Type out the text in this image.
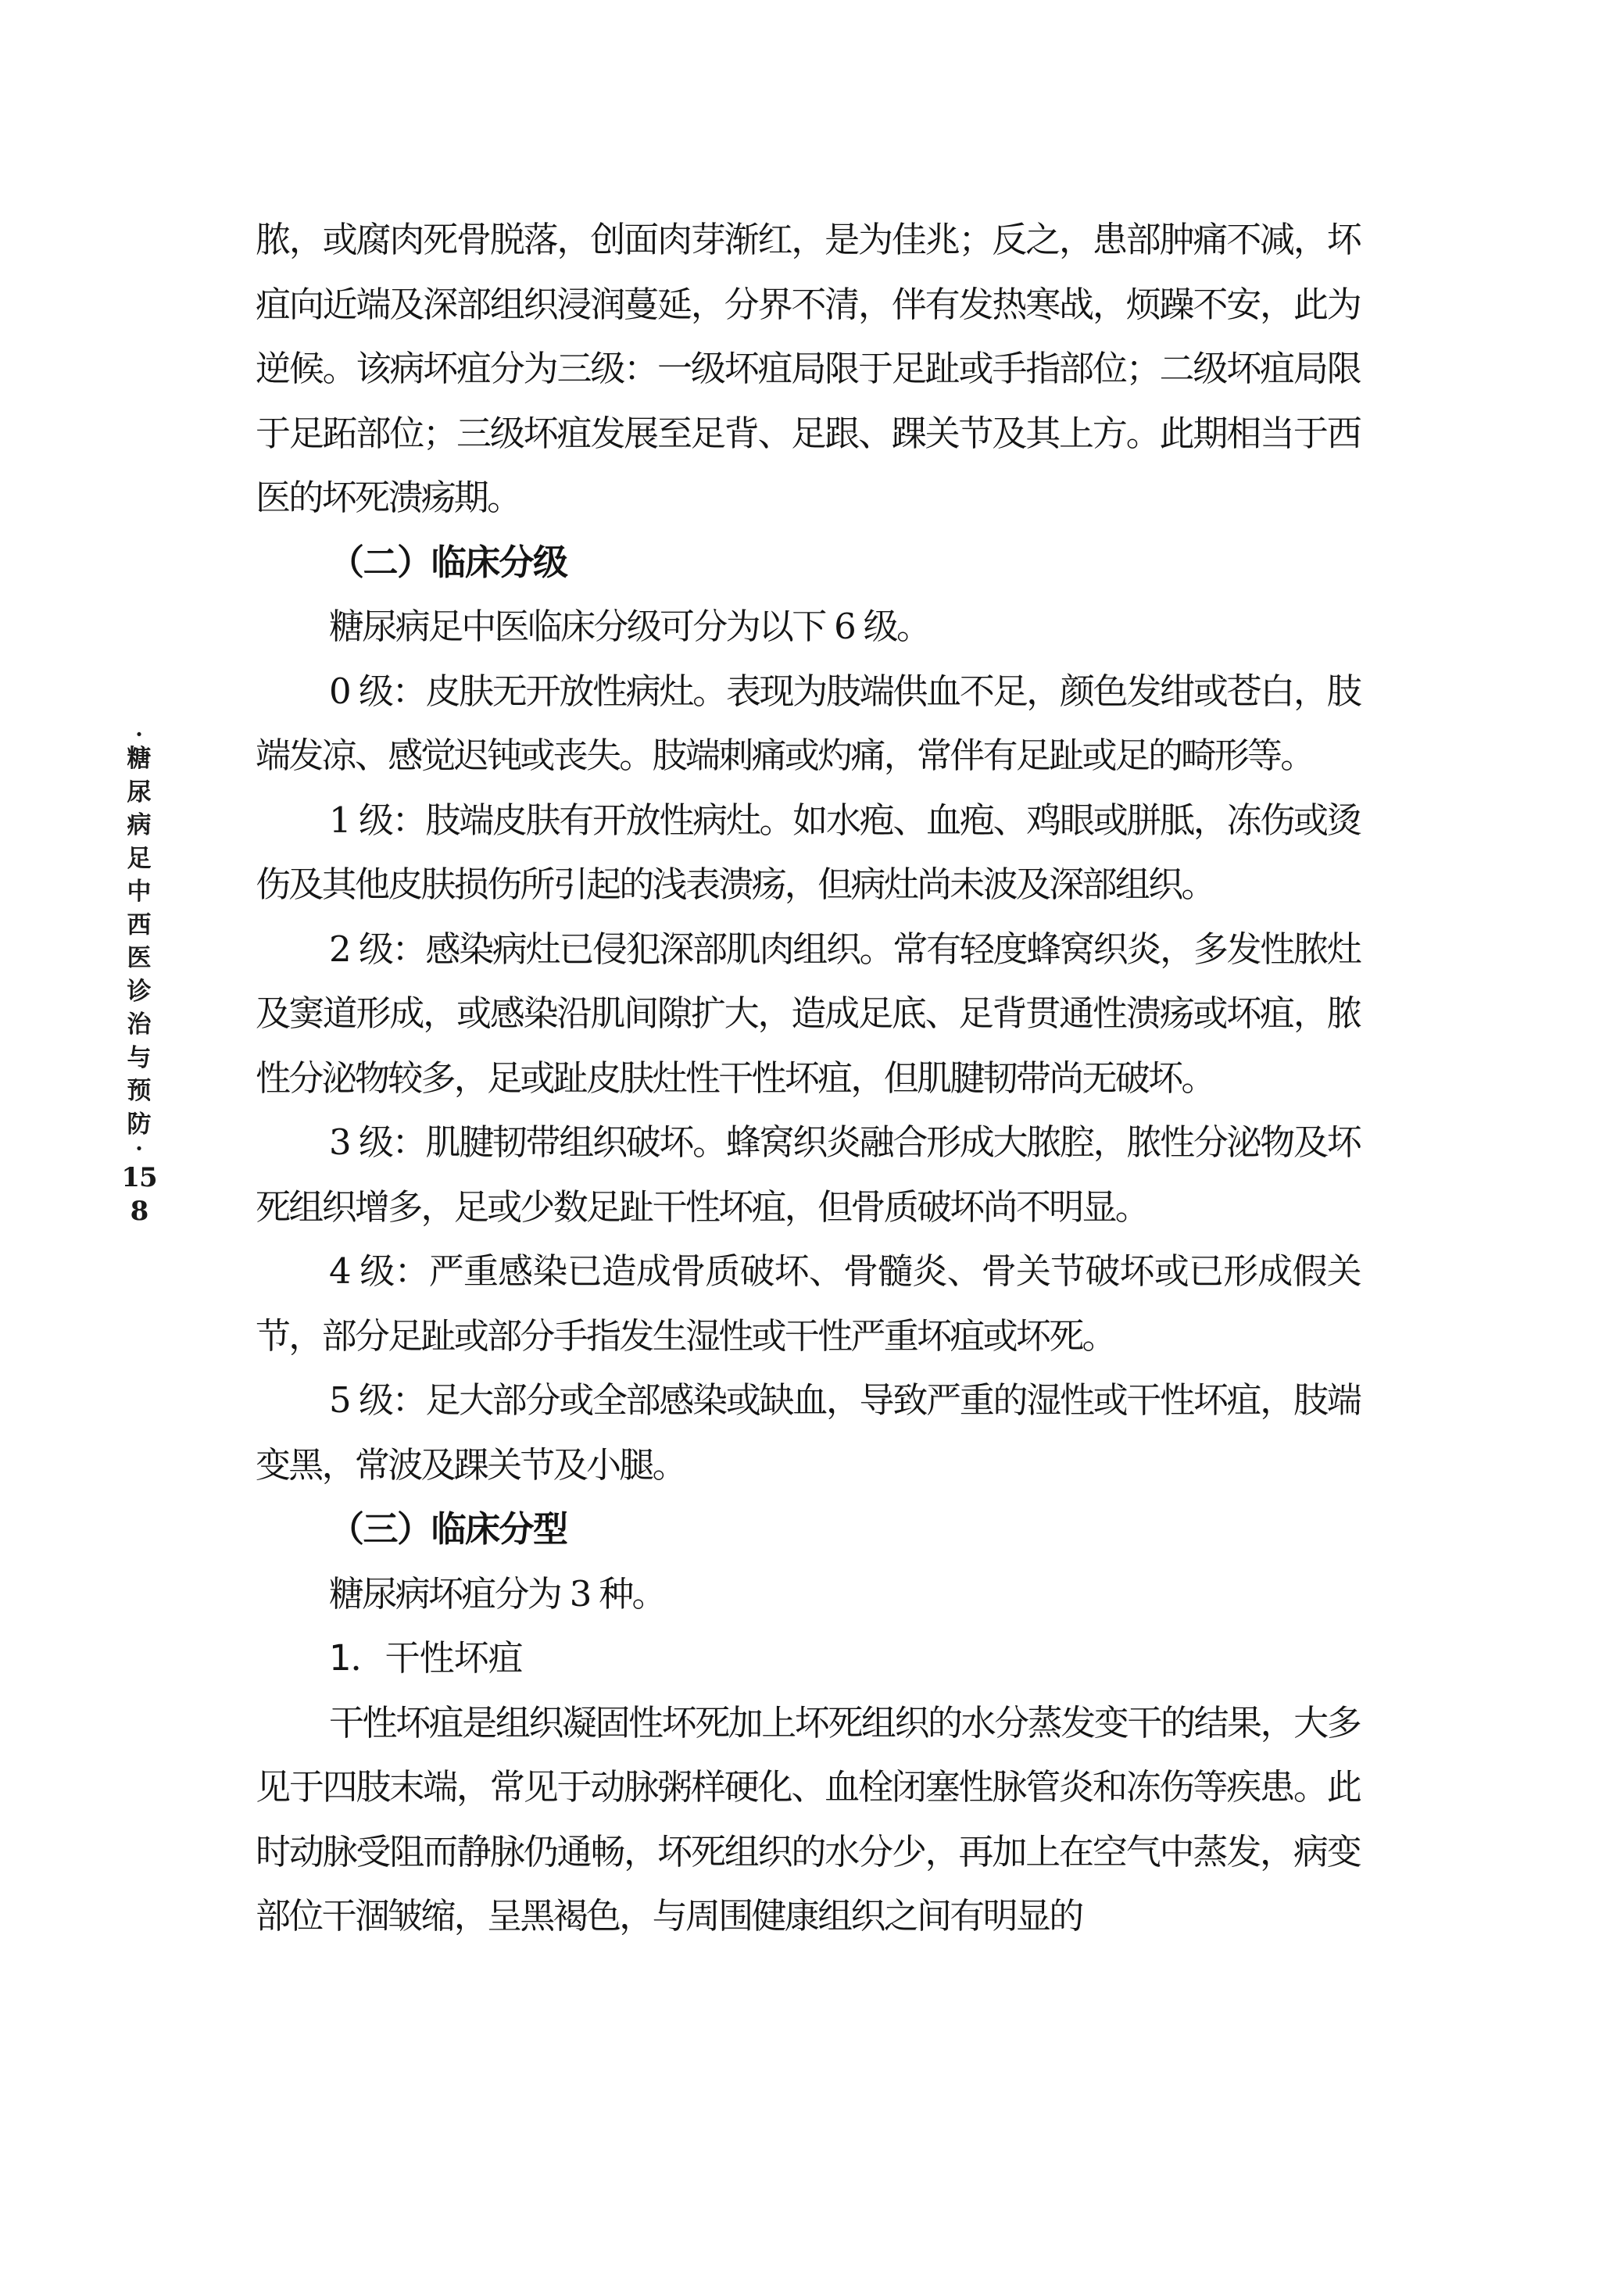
·
糖尿病足中西医诊治与预防
·
158

脓，或腐肉死骨脱落，创面肉芽渐红，是为佳兆；反之，患部肿痛不减，坏疽向近端及深部组织浸润蔓延，分界不清，伴有发热寒战，烦躁不安，此为逆候。该病坏疽分为三级：一级坏疽局限于足趾或手指部位；二级坏疽局限于足跖部位；三级坏疽发展至足背、足跟、踝关节及其上方。此期相当于西医的坏死溃疡期。

（二）临床分级

糖尿病足中医临床分级可分为以下 6 级。

0 级：皮肤无开放性病灶。表现为肢端供血不足，颜色发绀或苍白，肢端发凉、感觉迟钝或丧失。肢端刺痛或灼痛，常伴有足趾或足的畸形等。

1 级：肢端皮肤有开放性病灶。如水疱、血疱、鸡眼或胼胝，冻伤或烫伤及其他皮肤损伤所引起的浅表溃疡，但病灶尚未波及深部组织。

2 级：感染病灶已侵犯深部肌肉组织。常有轻度蜂窝织炎，多发性脓灶及窦道形成，或感染沿肌间隙扩大，造成足底、足背贯通性溃疡或坏疽，脓性分泌物较多，足或趾皮肤灶性干性坏疽，但肌腱韧带尚无破坏。

3 级：肌腱韧带组织破坏。蜂窝织炎融合形成大脓腔，脓性分泌物及坏死组织增多，足或少数足趾干性坏疽，但骨质破坏尚不明显。

4 级：严重感染已造成骨质破坏、骨髓炎、骨关节破坏或已形成假关节，部分足趾或部分手指发生湿性或干性严重坏疽或坏死。

5 级：足大部分或全部感染或缺血，导致严重的湿性或干性坏疽，肢端变黑，常波及踝关节及小腿。

（三）临床分型

糖尿病坏疽分为 3 种。

1．干性坏疽

干性坏疽是组织凝固性坏死加上坏死组织的水分蒸发变干的结果，大多见于四肢末端，常见于动脉粥样硬化、血栓闭塞性脉管炎和冻伤等疾患。此时动脉受阻而静脉仍通畅，坏死组织的水分少，再加上在空气中蒸发，病变部位干涸皱缩，呈黑褐色，与周围健康组织之间有明显的
